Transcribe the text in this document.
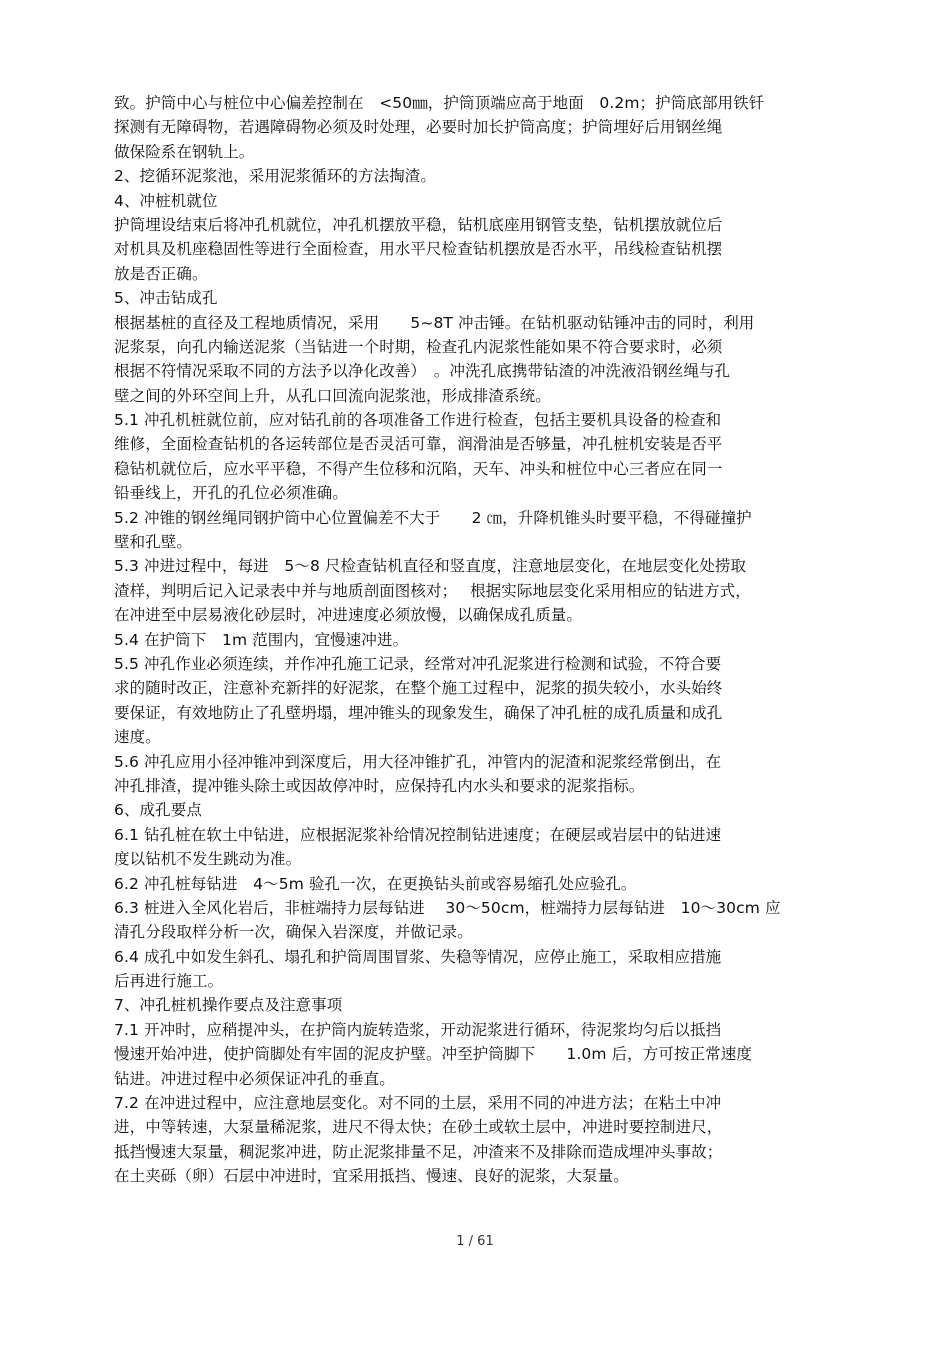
致。护筒中心与桩位中心偏差控制在　<50㎜，护筒顶端应高于地面　0.2m；护筒底部用铁钎
探测有无障碍物，若遇障碍物必须及时处理，必要时加长护筒高度；护筒埋好后用钢丝绳
做保险系在钢轨上。
2、挖循环泥浆池，采用泥浆循环的方法掏渣。
4、冲桩机就位
护筒埋设结束后将冲孔机就位，冲孔机摆放平稳，钻机底座用钢管支垫，钻机摆放就位后
对机具及机座稳固性等进行全面检查，用水平尺检查钻机摆放是否水平，吊线检查钻机摆
放是否正确。
5、冲击钻成孔
根据基桩的直径及工程地质情况，采用　　5~8T 冲击锤。在钻机驱动钻锤冲击的同时，利用
泥浆泵，向孔内输送泥浆（当钻进一个时期，检查孔内泥浆性能如果不符合要求时，必须
根据不符情况采取不同的方法予以净化改善）　。冲洗孔底携带钻渣的冲洗液沿钢丝绳与孔
壁之间的外环空间上升，从孔口回流向泥浆池，形成排渣系统。
5.1 冲孔机桩就位前，应对钻孔前的各项准备工作进行检查，包括主要机具设备的检查和
维修，全面检查钻机的各运转部位是否灵活可靠，润滑油是否够量，冲孔桩机安装是否平
稳钻机就位后，应水平平稳，不得产生位移和沉陷，天车、冲头和桩位中心三者应在同一
铅垂线上，开孔的孔位必须准确。
5.2 冲锥的钢丝绳同钢护筒中心位置偏差不大于　　2 ㎝，升降机锥头时要平稳，不得碰撞护
壁和孔壁。
5.3 冲进过程中，每进　5～8 尺检查钻机直径和竖直度，注意地层变化，在地层变化处捞取
渣样，判明后记入记录表中并与地质剖面图核对；　 根据实际地层变化采用相应的钻进方式，
在冲进至中层易液化砂层时，冲进速度必须放慢，以确保成孔质量。
5.4 在护筒下　1m 范围内，宜慢速冲进。
5.5 冲孔作业必须连续，并作冲孔施工记录，经常对冲孔泥浆进行检测和试验，不符合要
求的随时改正，注意补充新拌的好泥浆，在整个施工过程中，泥浆的损失较小，水头始终
要保证，有效地防止了孔壁坍塌，埋冲锥头的现象发生，确保了冲孔桩的成孔质量和成孔
速度。
5.6 冲孔应用小径冲锥冲到深度后，用大径冲锥扩孔，冲管内的泥渣和泥浆经常倒出，在
冲孔排渣，提冲锥头除土或因故停冲时，应保持孔内水头和要求的泥浆指标。
6、成孔要点
6.1 钻孔桩在软土中钻进，应根据泥浆补给情况控制钻进速度；在硬层或岩层中的钻进速
度以钻机不发生跳动为准。
6.2 冲孔桩每钻进　4～5m 验孔一次，在更换钻头前或容易缩孔处应验孔。
6.3 桩进入全风化岩后，非桩端持力层每钻进　 30～50cm，桩端持力层每钻进　10～30cm 应
清孔分段取样分析一次，确保入岩深度，并做记录。
6.4 成孔中如发生斜孔、塌孔和护筒周围冒浆、失稳等情况，应停止施工，采取相应措施
后再进行施工。
7、冲孔桩机操作要点及注意事项
7.1 开冲时，应稍提冲头，在护筒内旋转造浆，开动泥浆进行循环，待泥浆均匀后以抵挡
慢速开始冲进，使护筒脚处有牢固的泥皮护壁。冲至护筒脚下　　1.0m 后，方可按正常速度
钻进。冲进过程中必须保证冲孔的垂直。
7.2 在冲进过程中，应注意地层变化。对不同的土层，采用不同的冲进方法；在粘土中冲
进，中等转速，大泵量稀泥浆，进尺不得太快；在砂土或软土层中，冲进时要控制进尺，
抵挡慢速大泵量，稠泥浆冲进，防止泥浆排量不足，冲渣来不及排除而造成埋冲头事故；
在土夹砾（卵）石层中冲进时，宜采用抵挡、慢速、良好的泥浆，大泵量。
1 / 61
